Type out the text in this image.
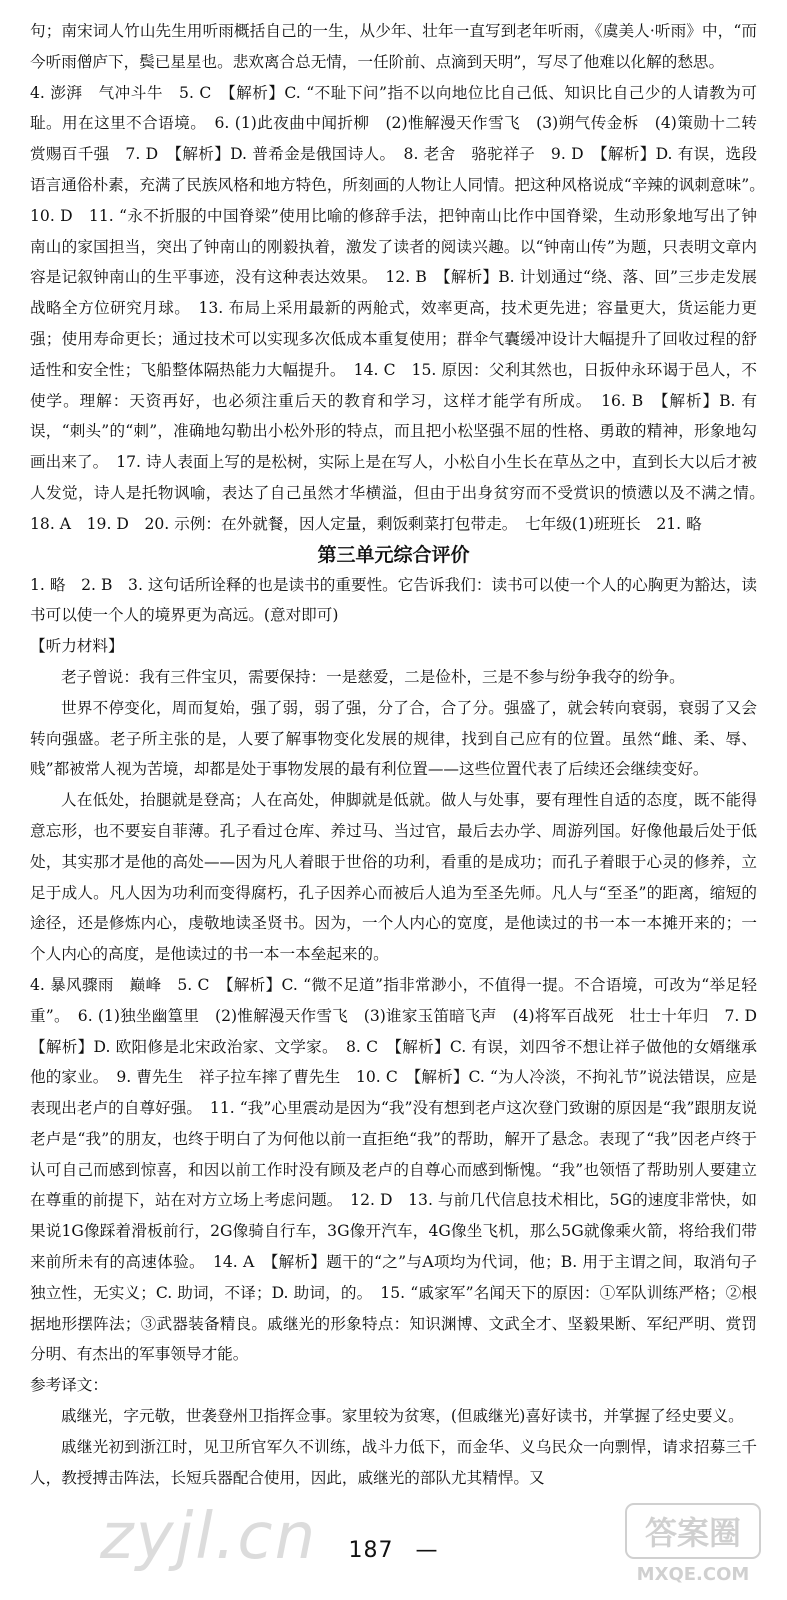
句；南宋词人竹山先生用听雨概括自己的一生，从少年、壮年一直写到老年听雨，《虞美人·听雨》中，“而今听雨僧庐下，鬓已星星也。悲欢离合总无情，一任阶前、点滴到天明”，写尽了他难以化解的愁思。

4. 澎湃　气冲斗牛　5. C　【解析】C. “不耻下问”指不以向地位比自己低、知识比自己少的人请教为可耻。用在这里不合语境。　6. (1)此夜曲中闻折柳　(2)惟解漫天作雪飞　(3)朔气传金柝　(4)策勋十二转　赏赐百千强　7. D　【解析】D. 普希金是俄国诗人。　8. 老舍　骆驼祥子　9. D　【解析】D. 有误，选段语言通俗朴素，充满了民族风格和地方特色，所刻画的人物让人同情。把这种风格说成“辛辣的讽刺意味”。　10. D　11. “永不折服的中国脊梁”使用比喻的修辞手法，把钟南山比作中国脊梁，生动形象地写出了钟南山的家国担当，突出了钟南山的刚毅执着，激发了读者的阅读兴趣。以“钟南山传”为题，只表明文章内容是记叙钟南山的生平事迹，没有这种表达效果。　12. B　【解析】B. 计划通过“绕、落、回”三步走发展战略全方位研究月球。　13. 布局上采用最新的两舱式，效率更高，技术更先进；容量更大，货运能力更强；使用寿命更长；通过技术可以实现多次低成本重复使用；群伞气囊缓冲设计大幅提升了回收过程的舒适性和安全性；飞船整体隔热能力大幅提升。　14. C　15. 原因：父利其然也，日扳仲永环谒于邑人，不使学。理解：天资再好，也必须注重后天的教育和学习，这样才能学有所成。　16. B　【解析】B. 有误，“刺头”的“刺”，准确地勾勒出小松外形的特点，而且把小松坚强不屈的性格、勇敢的精神，形象地勾画出来了。　17. 诗人表面上写的是松树，实际上是在写人，小松自小生长在草丛之中，直到长大以后才被人发觉，诗人是托物讽喻，表达了自己虽然才华横溢，但由于出身贫穷而不受赏识的愤懑以及不满之情。　18. A　19. D　20. 示例：在外就餐，因人定量，剩饭剩菜打包带走。　七年级(1)班班长　21. 略

第三单元综合评价

1. 略　2. B　3. 这句话所诠释的也是读书的重要性。它告诉我们：读书可以使一个人的心胸更为豁达，读书可以使一个人的境界更为高远。(意对即可)

【听力材料】

老子曾说：我有三件宝贝，需要保持：一是慈爱，二是俭朴，三是不参与纷争我夺的纷争。

世界不停变化，周而复始，强了弱，弱了强，分了合，合了分。强盛了，就会转向衰弱，衰弱了又会转向强盛。老子所主张的是，人要了解事物变化发展的规律，找到自己应有的位置。虽然“雌、柔、辱、贱”都被常人视为苦境，却都是处于事物发展的最有利位置——这些位置代表了后续还会继续变好。

人在低处，抬腿就是登高；人在高处，伸脚就是低就。做人与处事，要有理性自适的态度，既不能得意忘形，也不要妄自菲薄。孔子看过仓库、养过马、当过官，最后去办学、周游列国。好像他最后处于低处，其实那才是他的高处——因为凡人着眼于世俗的功利，看重的是成功；而孔子着眼于心灵的修养，立足于成人。凡人因为功利而变得腐朽，孔子因养心而被后人追为至圣先师。凡人与“至圣”的距离，缩短的途径，还是修炼内心，虔敬地读圣贤书。因为，一个人内心的宽度，是他读过的书一本一本摊开来的；一个人内心的高度，是他读过的书一本一本垒起来的。

4. 暴风骤雨　巅峰　5. C　【解析】C. “微不足道”指非常渺小，不值得一提。不合语境，可改为“举足轻重”。　6. (1)独坐幽篁里　(2)惟解漫天作雪飞　(3)谁家玉笛暗飞声　(4)将军百战死　壮士十年归　7. D　【解析】D. 欧阳修是北宋政治家、文学家。　8. C　【解析】C. 有误，刘四爷不想让祥子做他的女婿继承他的家业。　9. 曹先生　祥子拉车摔了曹先生　10. C　【解析】C. “为人冷淡，不拘礼节”说法错误，应是表现出老卢的自尊好强。　11. “我”心里震动是因为“我”没有想到老卢这次登门致谢的原因是“我”跟朋友说老卢是“我”的朋友，也终于明白了为何他以前一直拒绝“我”的帮助，解开了悬念。表现了“我”因老卢终于认可自己而感到惊喜，和因以前工作时没有顾及老卢的自尊心而感到惭愧。“我”也领悟了帮助别人要建立在尊重的前提下，站在对方立场上考虑问题。　12. D　13. 与前几代信息技术相比，5G的速度非常快，如果说1G像踩着滑板前行，2G像骑自行车，3G像开汽车，4G像坐飞机，那么5G就像乘火箭，将给我们带来前所未有的高速体验。　14. A　【解析】题干的“之”与A项均为代词，他；B. 用于主谓之间，取消句子独立性，无实义；C. 助词，不译；D. 助词，的。　15. “戚家军”名闻天下的原因：①军队训练严格；②根据地形摆阵法；③武器装备精良。戚继光的形象特点：知识渊博、文武全才、坚毅果断、军纪严明、赏罚分明、有杰出的军事领导才能。

参考译文：

戚继光，字元敬，世袭登州卫指挥佥事。家里较为贫寒，(但戚继光)喜好读书，并掌握了经史要义。

戚继光初到浙江时，见卫所官军久不训练，战斗力低下，而金华、义乌民众一向剽悍，请求招募三千人，教授搏击阵法，长短兵器配合使用，因此，戚继光的部队尤其精悍。又

zyjl.cn	187 —	答案圈
MXQE.COM
